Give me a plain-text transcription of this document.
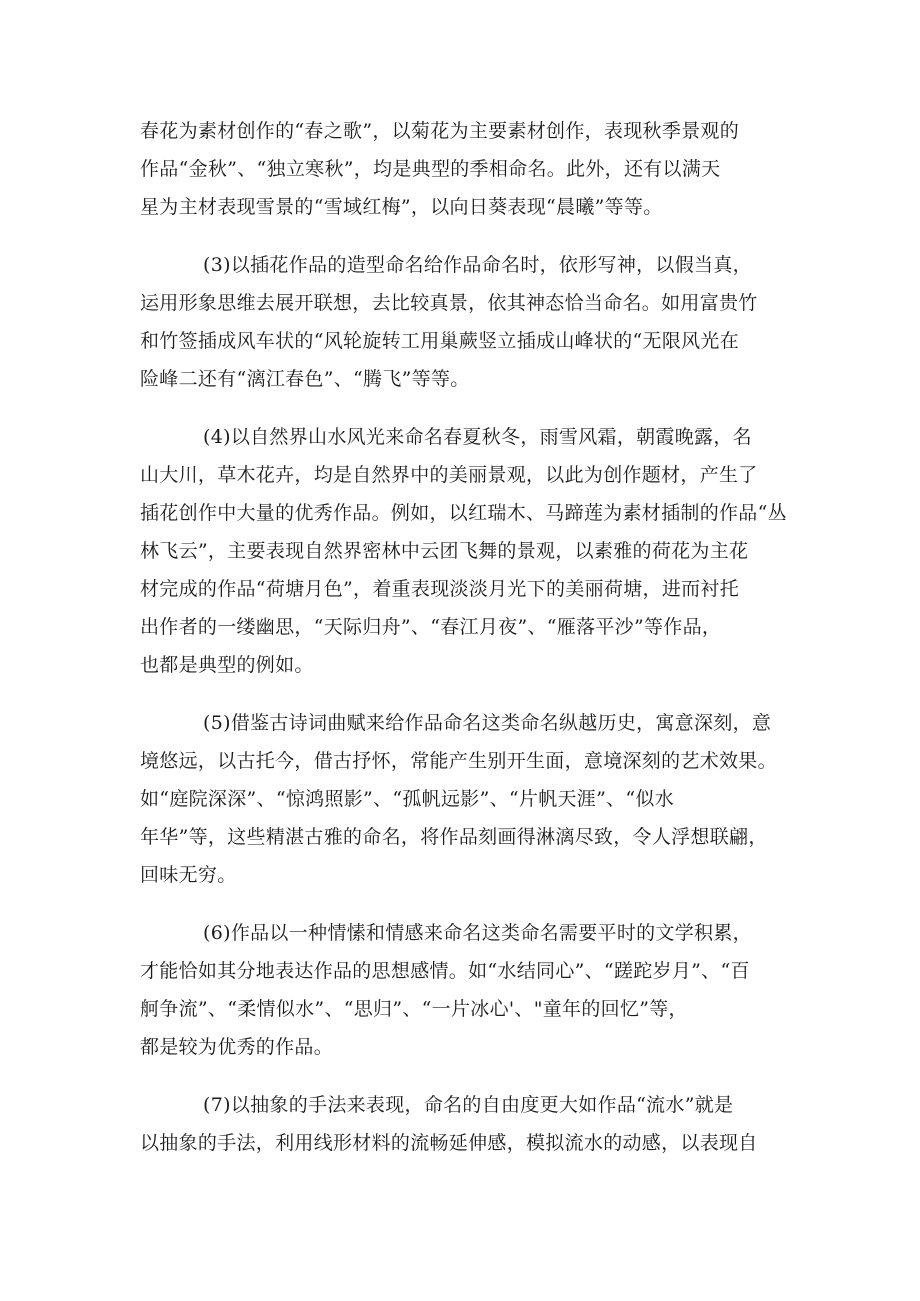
春花为素材创作的“春之歌”，以菊花为主要素材创作，表现秋季景观的
作品“金秋”、“独立寒秋”，均是典型的季相命名。此外，还有以满天
星为主材表现雪景的“雪域红梅”，以向日葵表现“晨曦”等等。
(3)以插花作品的造型命名给作品命名时，依形写神，以假当真，
运用形象思维去展开联想，去比较真景，依其神态恰当命名。如用富贵竹
和竹签插成风车状的“风轮旋转工用巢蕨竖立插成山峰状的“无限风光在
险峰二还有“漓江春色”、“腾飞”等等。
(4)以自然界山水风光来命名春夏秋冬，雨雪风霜，朝霞晚露，名
山大川，草木花卉，均是自然界中的美丽景观，以此为创作题材，产生了
插花创作中大量的优秀作品。例如，以红瑞木、马蹄莲为素材插制的作品“丛
林飞云”，主要表现自然界密林中云团飞舞的景观，以素雅的荷花为主花
材完成的作品“荷塘月色”，着重表现淡淡月光下的美丽荷塘，进而衬托
出作者的一缕幽思，“天际归舟”、“春江月夜”、“雁落平沙”等作品，
也都是典型的例如。
(5)借鉴古诗词曲赋来给作品命名这类命名纵越历史，寓意深刻，意
境悠远，以古托今，借古抒怀，常能产生别开生面，意境深刻的艺术效果。
如“庭院深深”、“惊鸿照影”、“孤帆远影”、“片帆天涯”、“似水
年华”等，这些精湛古雅的命名，将作品刻画得淋漓尽致，令人浮想联翩，
回味无穷。
(6)作品以一种情愫和情感来命名这类命名需要平时的文学积累，
才能恰如其分地表达作品的思想感情。如“水结同心”、“蹉跎岁月”、“百
舸争流”、“柔情似水”、“思归”、“一片冰心'、"童年的回忆”等，
都是较为优秀的作品。
(7)以抽象的手法来表现，命名的自由度更大如作品“流水”就是
以抽象的手法，利用线形材料的流畅延伸感，模拟流水的动感，以表现自
